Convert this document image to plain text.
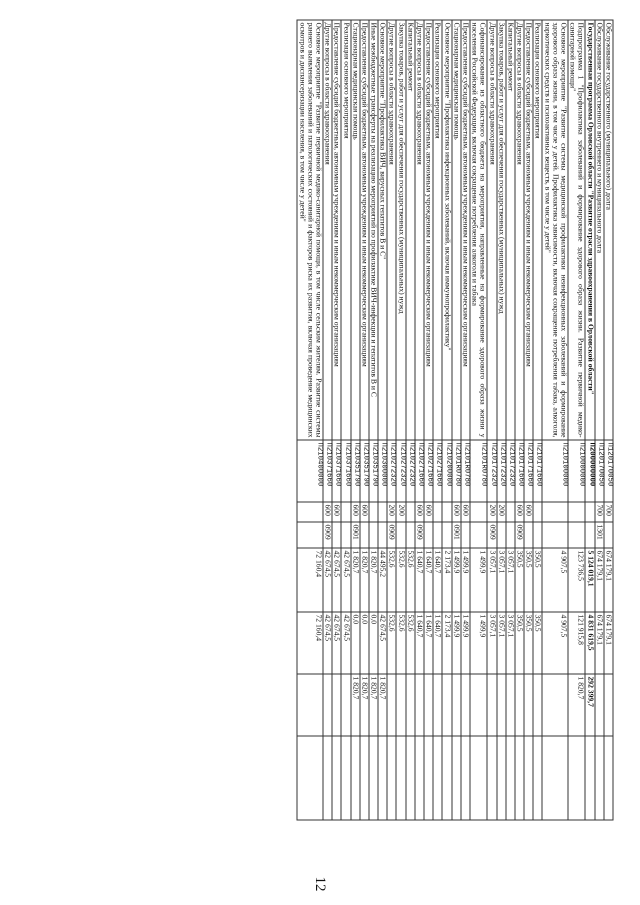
Обслуживание государственного (муниципального) долга	П120170050	700		674 179,1	674 179,1		
Обслуживание государственного внутреннего и муниципального долга	П120170050	700	1301	674 179,1	674 179,1		
Государственная программа Орловской области "Развитие отрасли здравоохранения в Орловской области"	П200000000			5 124 019,1	4 831 619,5	292 399,7	
Подпрограмма 1 "Профилактика заболеваний и формирование здорового образа жизни. Развитие первичной медико-санитарной помощи"	П210000000			123 736,5	121 915,8	1 820,7	
Основное мероприятие "Развитие системы медицинской профилактики неинфекционных заболеваний и формирование здорового образа жизни, в том числе у детей. Профилактика зависимости, включая сокращение потребления табака, алкоголя, наркотических средств и психоактивных веществ, в том числе у детей"	П210100000			4 907,5	4 907,5		
Реализация основного мероприятия	П210171660			350,5	350,5		
Предоставление субсидий бюджетным, автономным учреждениям и иным некоммерческим организациям	П210171660	600		350,5	350,5		
Другие вопросы в области здравоохранения	П210171660	600	0909	350,5	350,5		
Капитальный ремонт	П210172320			3 057,1	3 057,1		
Закупка товаров, работ и услуг для обеспечения государственных (муниципальных) нужд	П210172320	200		3 057,1	3 057,1		
Другие вопросы в области здравоохранения	П210172320	200	0909	3 057,1	3 057,1		
Софинансирование из областного бюджета на мероприятия, направленные на формирование здорового образа жизни у населения Российской Федерации, включая сокращение потребления алкоголя и табака	П2101R0780			1 499,9	1 499,9		
Предоставление субсидий бюджетным, автономным учреждениям и иным некоммерческим организациям	П2101R0780	600		1 499,9	1 499,9		
Стационарная медицинская помощь	П2101R0780	600	0901	1 499,9	1 499,9		
Основное мероприятие "Профилактика инфекционных заболеваний, включая иммунопрофилактику"	П210200000			2 173,4	2 173,4		
Реализация основного мероприятия	П210271660			1 640,7	1 640,7		
Предоставление субсидий бюджетным, автономным учреждениям и иным некоммерческим организациям	П210271660	600		1 640,7	1 640,7		
Другие вопросы в области здравоохранения	П210271660	600	0909	1 640,7	1 640,7		
Капитальный ремонт	П210272320			532,6	532,6		
Закупка товаров, работ и услуг для обеспечения государственных (муниципальных) нужд	П210272320	200		532,6	532,6		
Другие вопросы в области здравоохранения	П210272320	200	0909	532,6	532,6		
Основное мероприятие "Профилактика ВИЧ, вирусных гепатитов В и С"	П210300000			44 495,2	42 674,5	1 820,7	
Иные межбюджетные трансферты на реализацию мероприятий по профилактике ВИЧ-инфекции и гепатитов В и С	П210351790			1 820,7	0,0	1 820,7	
Предоставление субсидий бюджетным, автономным учреждениям и иным некоммерческим организациям	П210351790	600		1 820,7	0,0	1 820,7	
Стационарная медицинская помощь	П210351790	600	0901	1 820,7	0,0	1 820,7	
Реализация основного мероприятия	П210371660			42 674,5	42 674,5		
Предоставление субсидий бюджетным, автономным учреждениям и иным некоммерческим организациям	П210371660	600		42 674,5	42 674,5		
Другие вопросы в области здравоохранения	П210371660	600	0909	42 674,5	42 674,5		
Основное мероприятие "Развитие первичной медико-санитарной помощи, в том числе сельским жителям. Развитие системы раннего выявления заболеваний и патологических состояний и факторов риска их развития, включая проведение медицинских осмотров и диспансеризации населения, в том числе у детей"	П210400000			72 160,4	72 160,4		
12
